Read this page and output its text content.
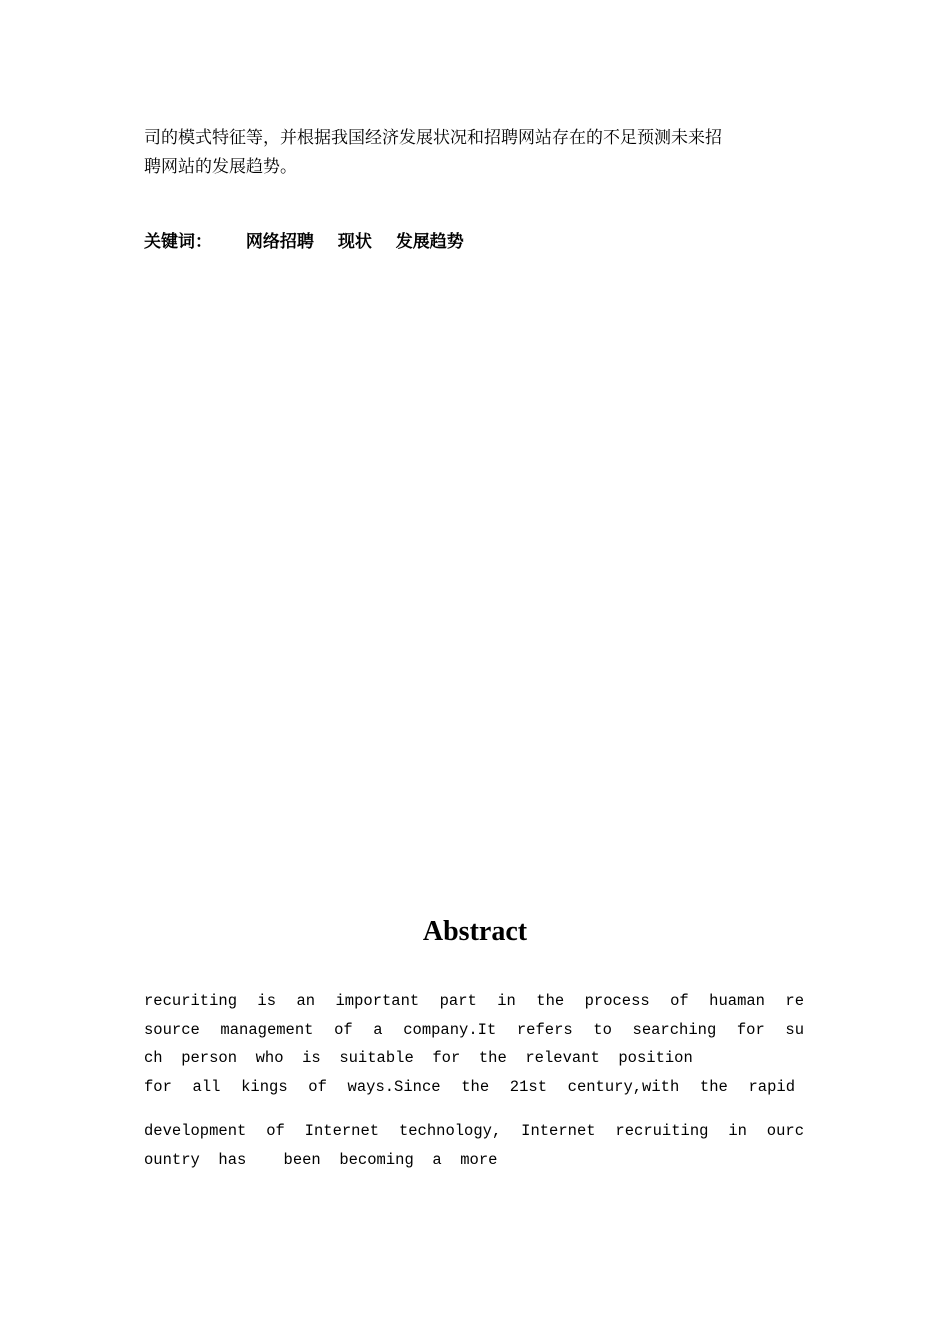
司的模式特征等，并根据我国经济发展状况和招聘网站存在的不足预测未来招
聘网站的发展趋势。
关键词： 网络招聘 现状 发展趋势
Abstract
recuriting is an important part in the process of huaman re
source management of a company.It refers to searching for su
ch  person  who  is  suitable  for  the  relevant  position
for all kings of ways.Since the 21st century,with the rapid
development of Internet technology, Internet recruiting in ourc
ountry  has    been  becoming  a  more
